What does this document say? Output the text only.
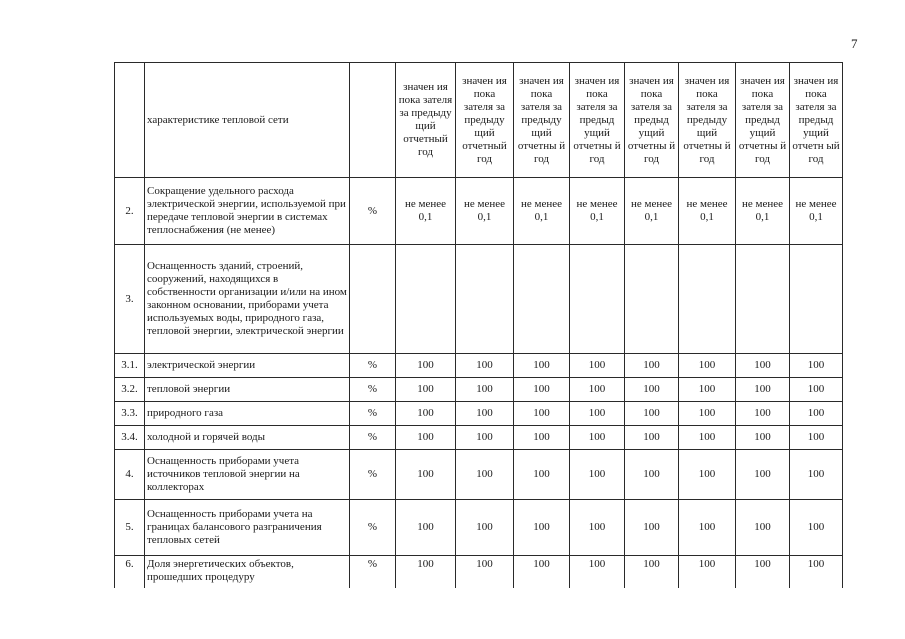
7
	характеристике тепловой сети		значен ия пока зателя за предыду щий отчетный год	значен ия пока зателя за предыду щий отчетный год	значен ия пока зателя за предыду щий отчетны й год	значен ия пока зателя за предыд ущий отчетны й год	значен ия пока зателя за предыд ущий отчетны й год	значен ия пока зателя за предыду щий отчетны й год	значен ия пока зателя за предыд ущий отчетны й год	значен ия пока зателя за предыд ущий отчетн ый год
2.	Сокращение удельного расхода электрической энергии, используемой при передаче тепловой энергии в системах теплоснабжения (не менее)	%	не менее 0,1	не менее 0,1	не менее 0,1	не менее 0,1	не менее 0,1	не менее 0,1	не менее 0,1	не менее 0,1
3.	Оснащенность зданий, строений, сооружений, находящихся в собственности организации и/или на ином законном основании, приборами учета используемых воды, природного газа, тепловой энергии, электрической энергии									
3.1.	электрической энергии	%	100	100	100	100	100	100	100	100
3.2.	тепловой энергии	%	100	100	100	100	100	100	100	100
3.3.	природного газа	%	100	100	100	100	100	100	100	100
3.4.	холодной и горячей воды	%	100	100	100	100	100	100	100	100
4.	Оснащенность приборами учета источников тепловой энергии на коллекторах	%	100	100	100	100	100	100	100	100
5.	Оснащенность приборами учета на границах балансового разграничения тепловых сетей	%	100	100	100	100	100	100	100	100
6.	Доля энергетических объектов, прошедших процедуру	%	100	100	100	100	100	100	100	100
